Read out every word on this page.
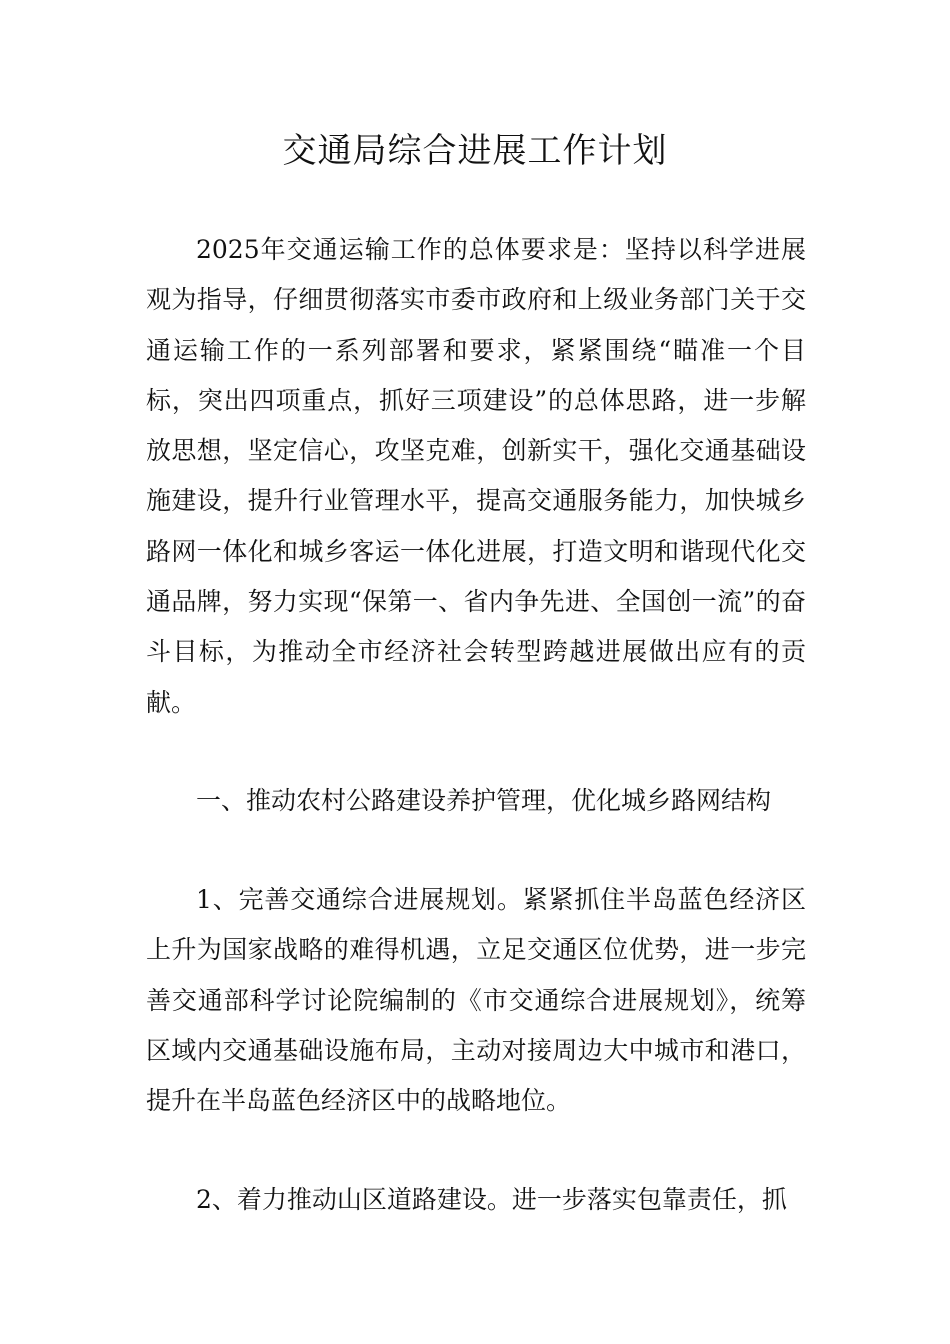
交通局综合进展工作计划

2025年交通运输工作的总体要求是：坚持以科学进展观为指导，仔细贯彻落实市委市政府和上级业务部门关于交通运输工作的一系列部署和要求，紧紧围绕“瞄准一个目标，突出四项重点，抓好三项建设”的总体思路，进一步解放思想，坚定信心，攻坚克难，创新实干，强化交通基础设施建设，提升行业管理水平，提高交通服务能力，加快城乡路网一体化和城乡客运一体化进展，打造文明和谐现代化交通品牌，努力实现“保第一、省内争先进、全国创一流”的奋斗目标，为推动全市经济社会转型跨越进展做出应有的贡献。

一、推动农村公路建设养护管理，优化城乡路网结构

1、完善交通综合进展规划。紧紧抓住半岛蓝色经济区上升为国家战略的难得机遇，立足交通区位优势，进一步完善交通部科学讨论院编制的《市交通综合进展规划》，统筹区域内交通基础设施布局，主动对接周边大中城市和港口，提升在半岛蓝色经济区中的战略地位。

2、着力推动山区道路建设。进一步落实包靠责任，抓
